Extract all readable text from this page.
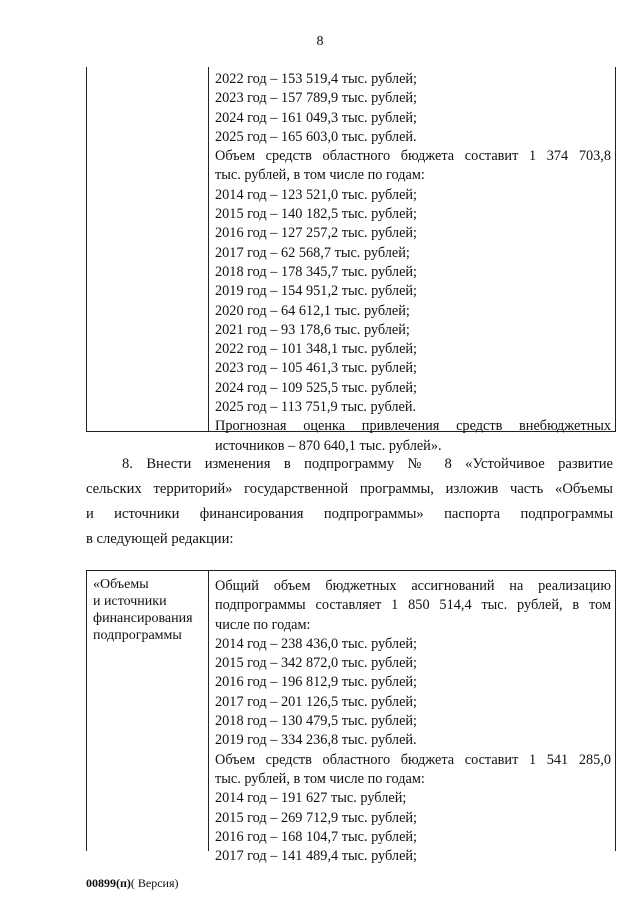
8
2022 год – 153 519,4 тыс. рублей;
2023 год – 157 789,9 тыс. рублей;
2024 год – 161 049,3 тыс. рублей;
2025 год – 165 603,0 тыс. рублей.
Объем средств областного бюджета составит 1 374 703,8
тыс. рублей, в том числе по годам:
2014 год – 123 521,0 тыс. рублей;
2015 год – 140 182,5 тыс. рублей;
2016 год – 127 257,2 тыс. рублей;
2017 год – 62 568,7 тыс. рублей;
2018 год – 178 345,7 тыс. рублей;
2019 год – 154 951,2 тыс. рублей;
2020 год – 64 612,1 тыс. рублей;
2021 год – 93 178,6 тыс. рублей;
2022 год – 101 348,1 тыс. рублей;
2023 год – 105 461,3 тыс. рублей;
2024 год – 109 525,5 тыс. рублей;
2025 год – 113 751,9 тыс. рублей.
Прогнозная оценка привлечения средств внебюджетных
источников – 870 640,1 тыс. рублей».
8. Внести изменения в подпрограмму № 8 «Устойчивое развитие
сельских территорий» государственной программы, изложив часть «Объемы
и источники финансирования подпрограммы» паспорта подпрограммы
в следующей редакции:
«Объемы
и источники
финансирования
подпрограммы
Общий объем бюджетных ассигнований на реализацию
подпрограммы составляет 1 850 514,4 тыс. рублей, в том
числе по годам:
2014 год – 238 436,0 тыс. рублей;
2015 год – 342 872,0 тыс. рублей;
2016 год – 196 812,9 тыс. рублей;
2017 год – 201 126,5 тыс. рублей;
2018 год – 130 479,5 тыс. рублей;
2019 год – 334 236,8 тыс. рублей.
Объем средств областного бюджета составит 1 541 285,0
тыс. рублей, в том числе по годам:
2014 год – 191 627 тыс. рублей;
2015 год – 269 712,9 тыс. рублей;
2016 год – 168 104,7 тыс. рублей;
2017 год – 141 489,4 тыс. рублей;
00899(п)( Версия)
